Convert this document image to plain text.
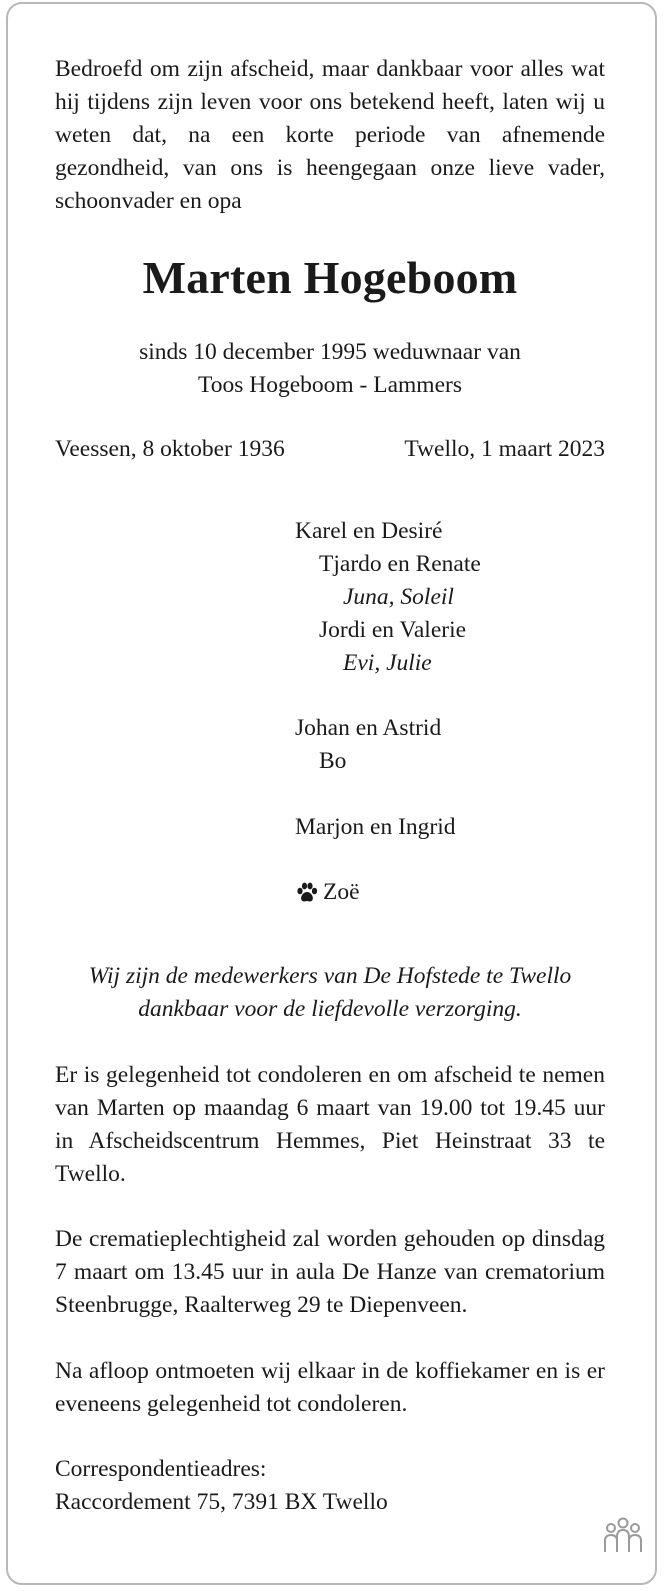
Bedroefd om zijn afscheid, maar dankbaar voor alles wat hij tijdens zijn leven voor ons betekend heeft, laten wij u weten dat, na een korte periode van afnemende gezondheid, van ons is heengegaan onze lieve vader, schoonvader en opa

Marten Hogeboom
sinds 10 december 1995 weduwnaar van
Toos Hogeboom - Lammers
Veessen, 8 oktober 1936	Twello, 1 maart 2023
Karel en Desiré
Tjardo en Renate
Juna, Soleil
Jordi en Valerie
Evi, Julie
Johan en Astrid
Bo
Marjon en Ingrid
Zoë
Wij zijn de medewerkers van De Hofstede te Twello
dankbaar voor de liefdevolle verzorging.

Er is gelegenheid tot condoleren en om afscheid te nemen van Marten op maandag 6 maart van 19.00 tot 19.45 uur in Afscheidscentrum Hemmes, Piet Heinstraat 33 te Twello.

De crematieplechtigheid zal worden gehouden op dinsdag 7 maart om 13.45 uur in aula De Hanze van crematorium Steenbrugge, Raalterweg 29 te Diepenveen.

Na afloop ontmoeten wij elkaar in de koffiekamer en is er eveneens gelegenheid tot condoleren.

Correspondentieadres:
Raccordement 75, 7391 BX Twello
